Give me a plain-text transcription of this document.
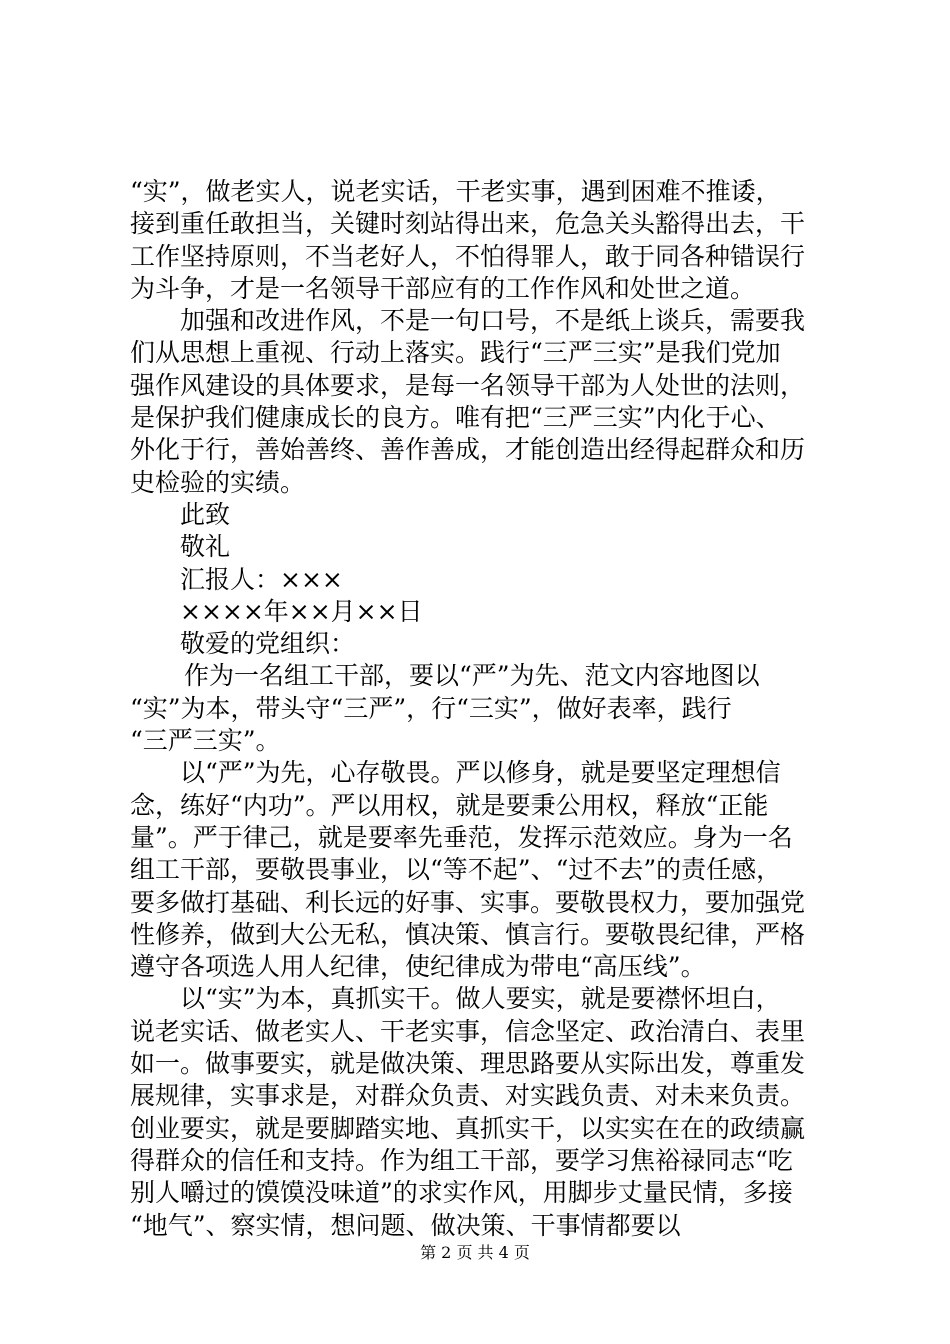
“实”，做老实人，说老实话，干老实事，遇到困难不推诿，
接到重任敢担当，关键时刻站得出来，危急关头豁得出去，干
工作坚持原则，不当老好人，不怕得罪人，敢于同各种错误行
为斗争，才是一名领导干部应有的工作作风和处世之道。
加强和改进作风，不是一句口号，不是纸上谈兵，需要我
们从思想上重视、行动上落实。践行“三严三实”是我们党加
强作风建设的具体要求，是每一名领导干部为人处世的法则，
是保护我们健康成长的良方。唯有把“三严三实”内化于心、
外化于行，善始善终、善作善成，才能创造出经得起群众和历
史检验的实绩。
此致
敬礼
汇报人：×××
××××年××月××日
敬爱的党组织：
作为一名组工干部，要以“严”为先、范文内容地图以
“实”为本，带头守“三严”，行“三实”，做好表率，践行
“三严三实”。
以“严”为先，心存敬畏。严以修身，就是要坚定理想信
念，练好“内功”。严以用权，就是要秉公用权，释放“正能
量”。严于律己，就是要率先垂范，发挥示范效应。身为一名
组工干部，要敬畏事业，以“等不起”、“过不去”的责任感，
要多做打基础、利长远的好事、实事。要敬畏权力，要加强党
性修养，做到大公无私，慎决策、慎言行。要敬畏纪律，严格
遵守各项选人用人纪律，使纪律成为带电“高压线”。
以“实”为本，真抓实干。做人要实，就是要襟怀坦白，
说老实话、做老实人、干老实事，信念坚定、政治清白、表里
如一。做事要实，就是做决策、理思路要从实际出发，尊重发
展规律，实事求是，对群众负责、对实践负责、对未来负责。
创业要实，就是要脚踏实地、真抓实干，以实实在在的政绩赢
得群众的信任和支持。作为组工干部，要学习焦裕禄同志“吃
别人嚼过的馍馍没味道”的求实作风，用脚步丈量民情，多接
“地气”、察实情，想问题、做决策、干事情都要以
第 2 页 共 4 页
